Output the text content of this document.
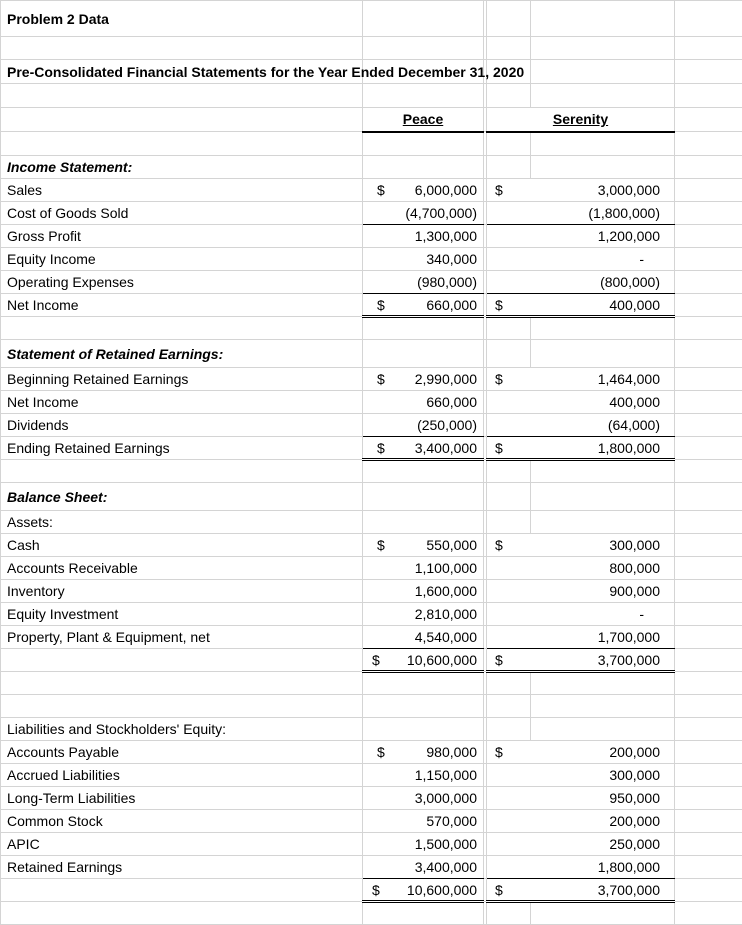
Problem 2 Data					

Pre-Consolidated Financial Statements for the Year Ended December 31, 2020					

	Peace		Serenity		

Income Statement:					
Sales	$ 6,000,000		$ 3,000,000		

Cost of Goods Sold	(4,700,000)		(1,800,000)		

Gross Profit	1,300,000		1,200,000		

Equity Income	340,000		-		
Operating Expenses	(980,000)		(800,000)		

Net Income	$ 660,000		$ 400,000		

Statement of Retained Earnings:					
Beginning Retained Earnings	$ 2,990,000		$ 1,464,000		

Net Income	660,000		400,000		

Dividends	(250,000)		(64,000)		

Ending Retained Earnings	$ 3,400,000		$ 1,800,000		

Balance Sheet:					
Assets:					
Cash	$ 550,000		$ 300,000		

Accounts Receivable	1,100,000		800,000		

Inventory	1,600,000		900,000		

Equity Investment	2,810,000		-		
Property, Plant & Equipment, net	4,540,000		1,700,000		

	$ 10,600,000		$ 3,700,000		

Liabilities and Stockholders' Equity:					
Accounts Payable	$ 980,000		$ 200,000		

Accrued Liabilities	1,150,000		300,000		

Long-Term Liabilities	3,000,000		950,000		

Common Stock	570,000		200,000		

APIC	1,500,000		250,000		

Retained Earnings	3,400,000		1,800,000		

	$ 10,600,000		$ 3,700,000		
